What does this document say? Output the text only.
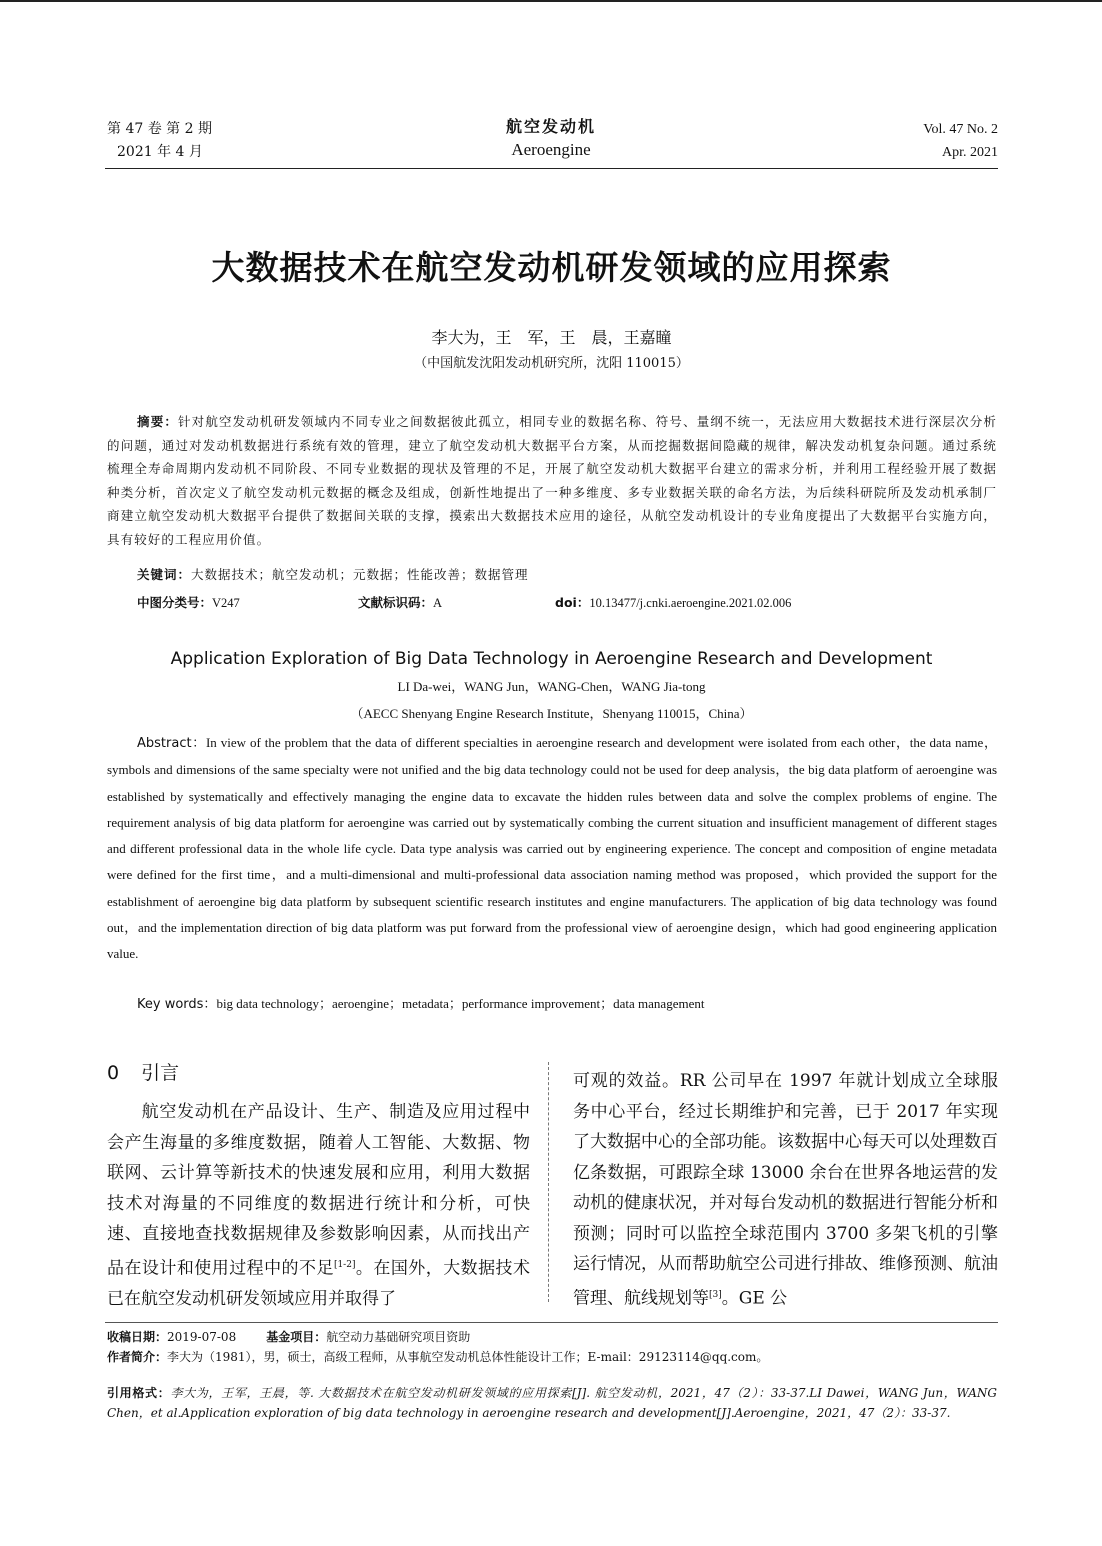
第 47 卷 第 2 期
2021 年 4 月
航空发动机
Aeroengine
Vol. 47 No. 2
Apr. 2021
大数据技术在航空发动机研发领域的应用探索
李大为，王　军，王　晨，王嘉瞳
（中国航发沈阳发动机研究所，沈阳 110015）
摘要：针对航空发动机研发领域内不同专业之间数据彼此孤立，相同专业的数据名称、符号、量纲不统一，无法应用大数据技术进行深层次分析的问题，通过对发动机数据进行系统有效的管理，建立了航空发动机大数据平台方案，从而挖掘数据间隐藏的规律，解决发动机复杂问题。通过系统梳理全寿命周期内发动机不同阶段、不同专业数据的现状及管理的不足，开展了航空发动机大数据平台建立的需求分析，并利用工程经验开展了数据种类分析，首次定义了航空发动机元数据的概念及组成，创新性地提出了一种多维度、多专业数据关联的命名方法，为后续科研院所及发动机承制厂商建立航空发动机大数据平台提供了数据间关联的支撑，摸索出大数据技术应用的途径，从航空发动机设计的专业角度提出了大数据平台实施方向，具有较好的工程应用价值。
关键词：大数据技术；航空发动机；元数据；性能改善；数据管理
中图分类号：V247	文献标识码：A	doi：10.13477/j.cnki.aeroengine.2021.02.006
Application Exploration of Big Data Technology in Aeroengine Research and Development
LI Da-wei，WANG Jun，WANG-Chen，WANG Jia-tong
（AECC Shenyang Engine Research Institute，Shenyang 110015，China）
Abstract：In view of the problem that the data of different specialties in aeroengine research and development were isolated from each other，the data name，symbols and dimensions of the same specialty were not unified and the big data technology could not be used for deep analysis，the big data platform of aeroengine was established by systematically and effectively managing the engine data to excavate the hidden rules between data and solve the complex problems of engine. The requirement analysis of big data platform for aeroengine was carried out by systematically combing the current situation and insufficient management of different stages and different professional data in the whole life cycle. Data type analysis was carried out by engineering experience. The concept and composition of engine metadata were defined for the first time，and a multi-dimensional and multi-professional data association naming method was proposed，which provided the support for the establishment of aeroengine big data platform by subsequent scientific research institutes and engine manufacturers. The application of big data technology was found out，and the implementation direction of big data platform was put forward from the professional view of aeroengine design，which had good engineering application value.
Key words：big data technology；aeroengine；metadata；performance improvement；data management
0 引言
航空发动机在产品设计、生产、制造及应用过程中会产生海量的多维度数据，随着人工智能、大数据、物联网、云计算等新技术的快速发展和应用，利用大数据技术对海量的不同维度的数据进行统计和分析，可快速、直接地查找数据规律及参数影响因素，从而找出产品在设计和使用过程中的不足[1-2]。在国外，大数据技术已在航空发动机研发领域应用并取得了
可观的效益。RR 公司早在 1997 年就计划成立全球服务中心平台，经过长期维护和完善，已于 2017 年实现了大数据中心的全部功能。该数据中心每天可以处理数百亿条数据，可跟踪全球 13000 余台在世界各地运营的发动机的健康状况，并对每台发动机的数据进行智能分析和预测；同时可以监控全球范围内 3700 多架飞机的引擎运行情况，从而帮助航空公司进行排故、维修预测、航油管理、航线规划等[3]。GE 公
收稿日期：2019-07-08	基金项目：航空动力基础研究项目资助
作者简介：李大为（1981），男，硕士，高级工程师，从事航空发动机总体性能设计工作；E-mail：29123114@qq.com。
引用格式：李大为，王军，王晨，等. 大数据技术在航空发动机研发领域的应用探索[J]. 航空发动机，2021，47（2）：33-37.LI Dawei，WANG Jun，WANG Chen，et al.Application exploration of big data technology in aeroengine research and development[J].Aeroengine，2021，47（2）：33-37.
